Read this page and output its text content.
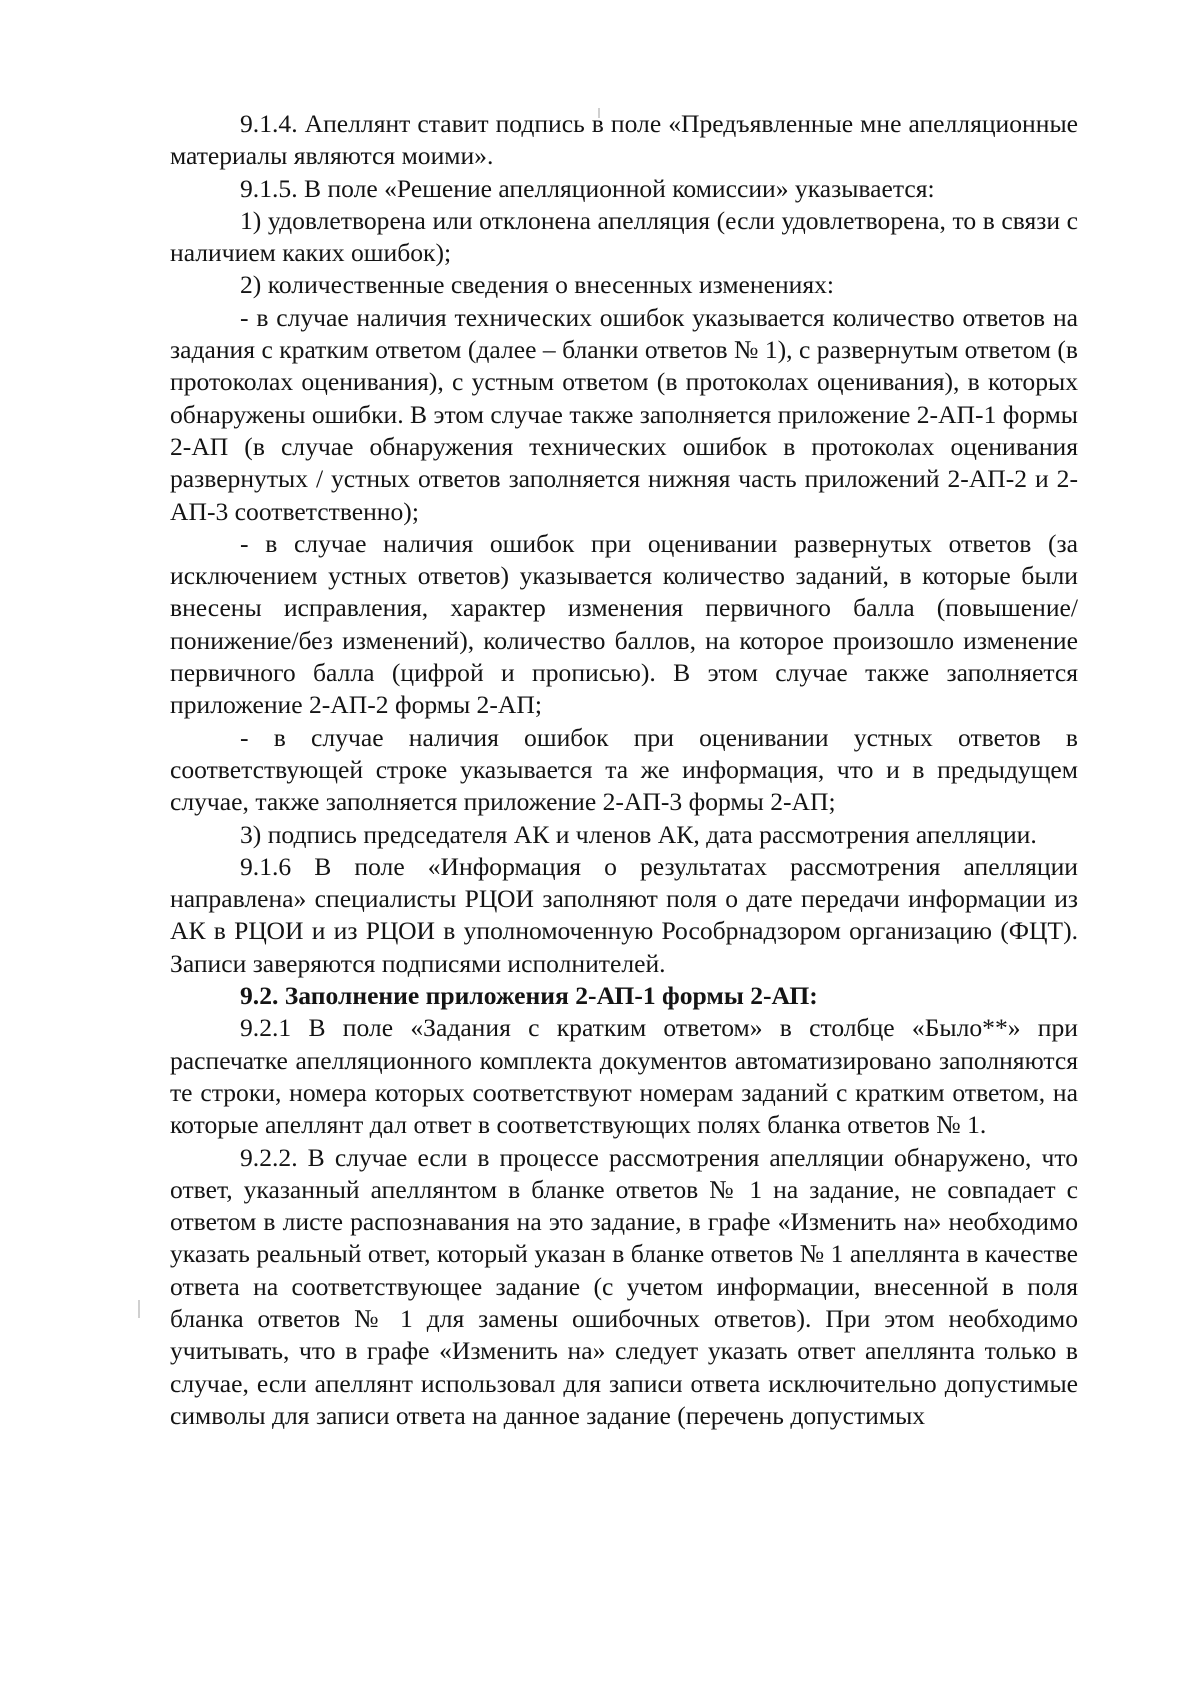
9.1.4. Апеллянт ставит подпись в поле «Предъявленные мне апелляционные материалы являются моими».

9.1.5. В поле «Решение апелляционной комиссии» указывается:

1) удовлетворена или отклонена апелляция (если удовлетворена, то в связи с наличием каких ошибок);

2) количественные сведения о внесенных изменениях:

- в случае наличия технических ошибок указывается количество ответов на задания с кратким ответом (далее – бланки ответов № 1), с развернутым ответом (в протоколах оценивания), с устным ответом (в протоколах оценивания), в которых обнаружены ошибки. В этом случае также заполняется приложение 2-АП-1 формы 2-АП (в случае обнаружения технических ошибок в протоколах оценивания развернутых / устных ответов заполняется нижняя часть приложений 2-АП-2 и 2-АП-3 соответственно);

- в случае наличия ошибок при оценивании развернутых ответов (за исключением устных ответов) указывается количество заданий, в которые были внесены исправления, характер изменения первичного балла (повышение/понижение/без изменений), количество баллов, на которое произошло изменение первичного балла (цифрой и прописью). В этом случае также заполняется приложение 2-АП-2 формы 2-АП;

- в случае наличия ошибок при оценивании устных ответов в соответствующей строке указывается та же информация, что и в предыдущем случае, также заполняется приложение 2-АП-3 формы 2-АП;

3) подпись председателя АК и членов АК, дата рассмотрения апелляции.

9.1.6 В поле «Информация о результатах рассмотрения апелляции направлена» специалисты РЦОИ заполняют поля о дате передачи информации из АК в РЦОИ и из РЦОИ в уполномоченную Рособрнадзором организацию (ФЦТ). Записи заверяются подписями исполнителей.

9.2. Заполнение приложения 2-АП-1 формы 2-АП:

9.2.1 В поле «Задания с кратким ответом» в столбце «Было**» при распечатке апелляционного комплекта документов автоматизировано заполняются те строки, номера которых соответствуют номерам заданий с кратким ответом, на которые апеллянт дал ответ в соответствующих полях бланка ответов № 1.

9.2.2. В случае если в процессе рассмотрения апелляции обнаружено, что ответ, указанный апеллянтом в бланке ответов № 1 на задание, не совпадает с ответом в листе распознавания на это задание, в графе «Изменить на» необходимо указать реальный ответ, который указан в бланке ответов № 1 апеллянта в качестве ответа на соответствующее задание (с учетом информации, внесенной в поля бланка ответов № 1 для замены ошибочных ответов). При этом необходимо учитывать, что в графе «Изменить на» следует указать ответ апеллянта только в случае, если апеллянт использовал для записи ответа исключительно допустимые символы для записи ответа на данное задание (перечень допустимых
